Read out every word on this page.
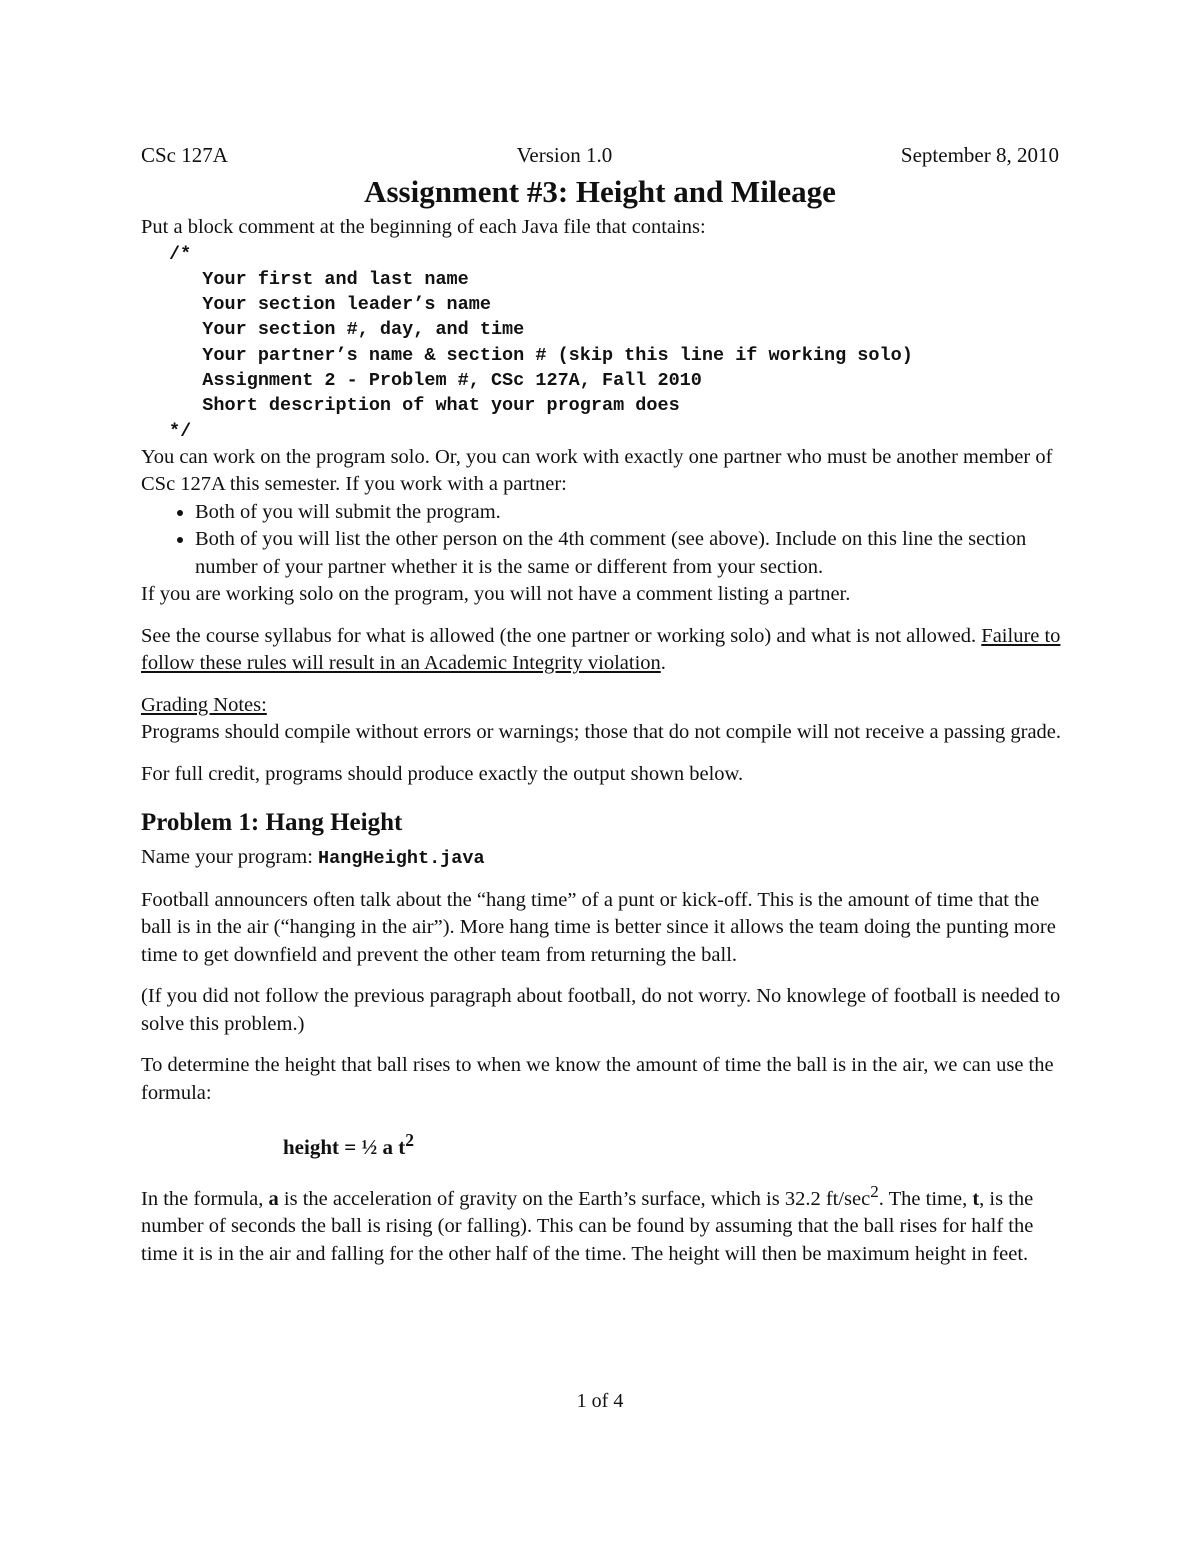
CSc 127A	Version 1.0	September 8, 2010
Assignment #3: Height and Mileage

Put a block comment at the beginning of each Java file that contains:

/*
Your first and last name
Your section leader’s name
Your section #, day, and time
Your partner’s name & section # (skip this line if working solo)
Assignment 2 - Problem #, CSc 127A, Fall 2010
Short description of what your program does
*/

You can work on the program solo. Or, you can work with exactly one partner who must be another member of CSc 127A this semester. If you work with a partner:

• Both of you will submit the program.
• Both of you will list the other person on the 4th comment (see above). Include on this line the section number of your partner whether it is the same or different from your section.

If you are working solo on the program, you will not have a comment listing a partner.

See the course syllabus for what is allowed (the one partner or working solo) and what is not allowed. Failure to follow these rules will result in an Academic Integrity violation.

Grading Notes:

Programs should compile without errors or warnings; those that do not compile will not receive a passing grade.

For full credit, programs should produce exactly the output shown below.

Problem 1: Hang Height

Name your program: HangHeight.java

Football announcers often talk about the “hang time” of a punt or kick-off. This is the amount of time that the ball is in the air (“hanging in the air”). More hang time is better since it allows the team doing the punting more time to get downfield and prevent the other team from returning the ball.

(If you did not follow the previous paragraph about football, do not worry. No knowlege of football is needed to solve this problem.)

To determine the height that ball rises to when we know the amount of time the ball is in the air, we can use the formula:

height = ½ a $t^2$

In the formula, a is the acceleration of gravity on the Earth’s surface, which is 32.2 $ft/\sec^2$. The time, t, is the number of seconds the ball is rising (or falling). This can be found by assuming that the ball rises for half the time it is in the air and falling for the other half of the time. The height will then be maximum height in feet.

1 of 4
